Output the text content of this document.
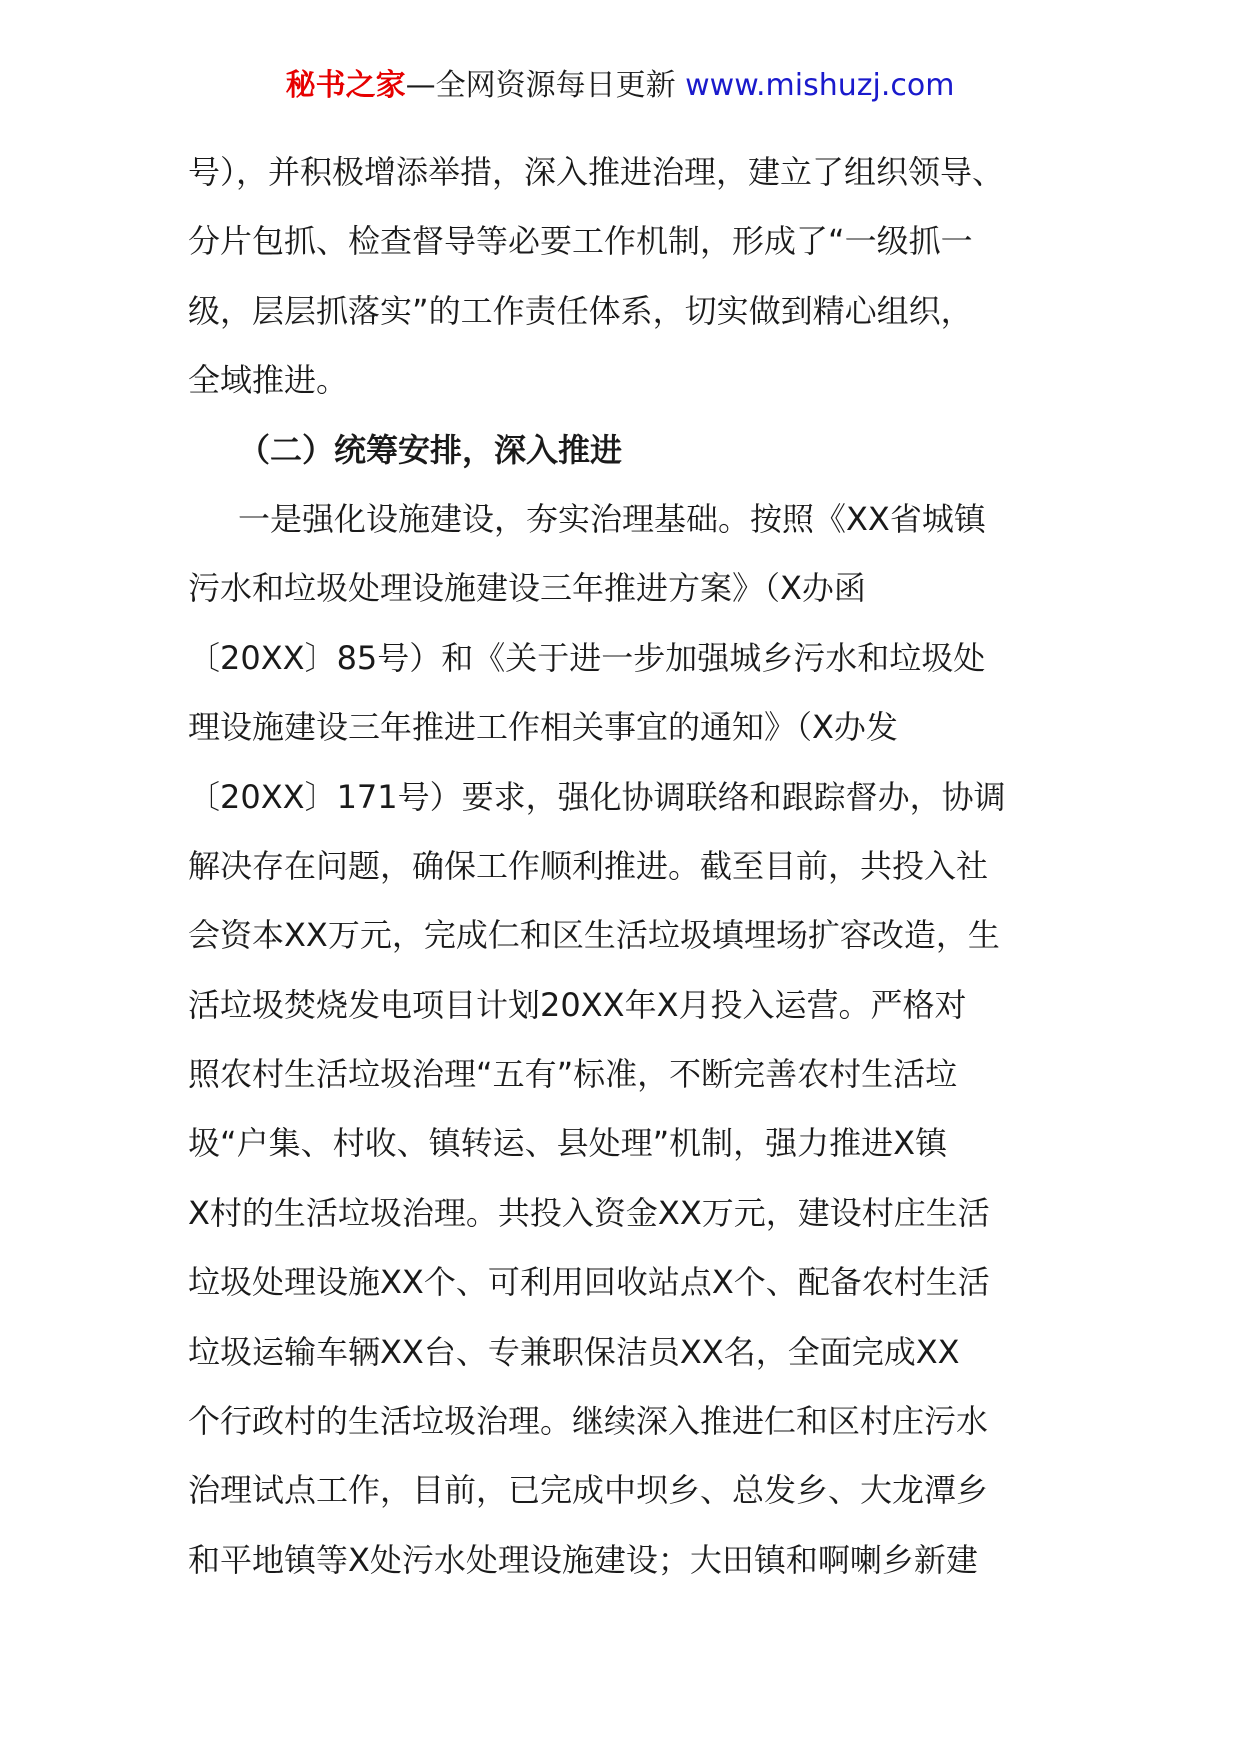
秘书之家—全网资源每日更新 www.mishuzj.com
号），并积极增添举措，深入推进治理，建立了组织领导、
分片包抓、检查督导等必要工作机制，形成了“一级抓一
级，层层抓落实”的工作责任体系，切实做到精心组织，
全域推进。
（二）统筹安排，深入推进
一是强化设施建设，夯实治理基础。按照《XX省城镇
污水和垃圾处理设施建设三年推进方案》（X办函
〔20XX〕85号）和《关于进一步加强城乡污水和垃圾处
理设施建设三年推进工作相关事宜的通知》（X办发
〔20XX〕171号）要求，强化协调联络和跟踪督办，协调
解决存在问题，确保工作顺利推进。截至目前，共投入社
会资本XX万元，完成仁和区生活垃圾填埋场扩容改造，生
活垃圾焚烧发电项目计划20XX年X月投入运营。严格对
照农村生活垃圾治理“五有”标准，不断完善农村生活垃
圾“户集、村收、镇转运、县处理”机制，强力推进X镇
X村的生活垃圾治理。共投入资金XX万元，建设村庄生活
垃圾处理设施XX个、可利用回收站点X个、配备农村生活
垃圾运输车辆XX台、专兼职保洁员XX名，全面完成XX
个行政村的生活垃圾治理。继续深入推进仁和区村庄污水
治理试点工作，目前，已完成中坝乡、总发乡、大龙潭乡
和平地镇等X处污水处理设施建设；大田镇和啊喇乡新建
